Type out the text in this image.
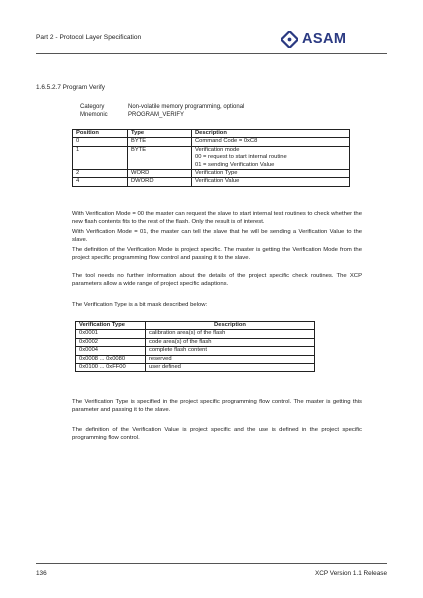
Part 2 - Protocol Layer Specification	ASAM
1.6.5.2.7 Program Verify
Category	Non-volatile memory programming, optional
Mnemonic	PROGRAM_VERIFY
Position	Type	Description
0	BYTE	Command Code = 0xC8

1	BYTE	Verification mode
00 = request to start internal routine
01 = sending Verification Value

2	WORD	Verification Type

4	DWORD	Verification Value
With Verification Mode = 00 the master can request the slave to start internal test routines to check whether the new flash contents fits to the rest of the flash. Only the result is of interest.
With Verification Mode = 01, the master can tell the slave that he will be sending a Verification Value to the slave.
The definition of the Verification Mode is project specific. The master is getting the Verification Mode from the project specific programming flow control and passing it to the slave.
The tool needs no further information about the details of the project specific check routines. The XCP parameters allow a wide range of project specific adaptions.
The Verification Type is a bit mask described below:
Verification Type	Description
0x0001	calibration area(s) of the flash
0x0002	code area(s) of the flash
0x0004	complete flash content
0x0008 ... 0x0080	reserved
0x0100 ... 0xFF00	user defined
The Verification Type is specified in the project specific programming flow control. The master is getting this parameter and passing it to the slave.
The definition of the Verification Value is project specific and the use is defined in the project specific programming flow control.
136	XCP Version 1.1 Release
